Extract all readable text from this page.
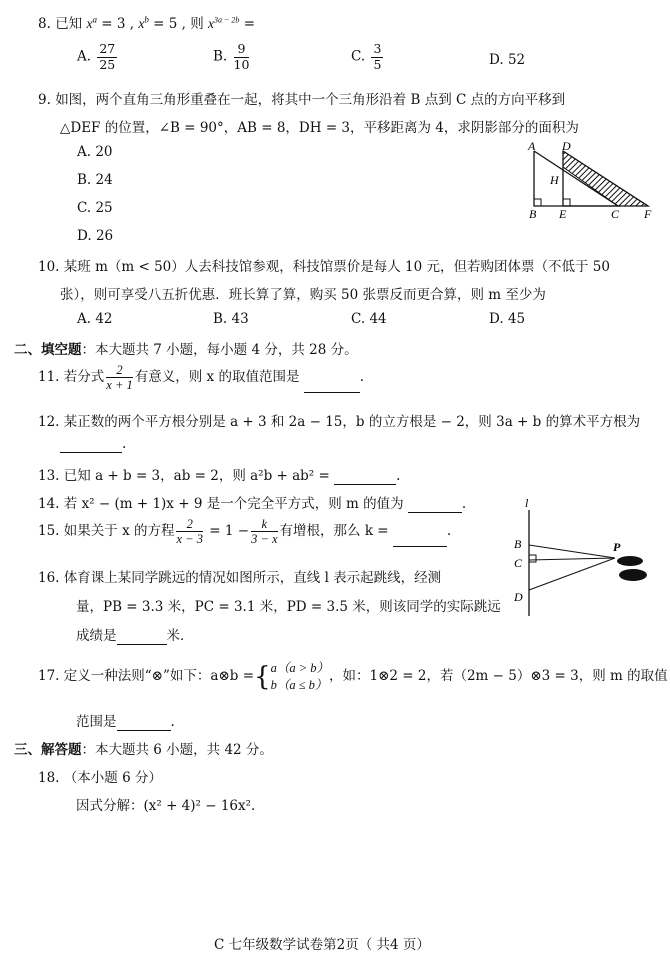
8. 已知 $x^a = 3$ , $x^b = 5$ , 则 $x^{3a - 2b}$ =
A. $\frac{27}{25}$	B. $\frac{9}{10}$	C. $\frac{3}{5}$	D. 52
9. 如图，两个直角三角形重叠在一起，将其中一个三角形沿着 B 点到 C 点的方向平移到
△DEF 的位置，∠B = 90°，AB = 8，DH = 3，平移距离为 4，求阴影部分的面积为
A. 20
B. 24
C. 25
D. 26
A D
H
B E	C F
10. 某班 m（m < 50）人去科技馆参观，科技馆票价是每人 10 元，但若购团体票（不低于 50
张），则可享受八五折优惠．班长算了算，购买 50 张票反而更合算，则 m 至少为
A. 42	B. 43	C. 44	D. 45
二、填空题：本大题共 7 小题，每小题 4 分，共 28 分。
11. 若分式 $\frac{2}{x + 1}$ 有意义，则 x 的取值范围是	.
12. 某正数的两个平方根分别是 a + 3 和 2a − 15，b 的立方根是 − 2，则 3a + b 的算术平方根为
.
13. 已知 a + b = 3，ab = 2，则 a²b + ab² =	.
14. 若 x² − (m + 1)x + 9 是一个完全平方式，则 m 的值为	.
15. 如果关于 x 的方程 $\frac{2}{x - 3} = 1 - \frac{k}{3 - x}$ 有增根，那么 k =	.
16. 体育课上某同学跳远的情况如图所示，直线 l 表示起跳线，经测
量，PB = 3.3 米，PC = 3.1 米，PD = 3.5 米，则该同学的实际跳远
成绩是	米．
l
B
C
D
P
17. 定义一种法则“⊗”如下：a⊗b ={ a（a > b）
b（a ≤ b）
，如：1⊗2 = 2，若（2m − 5）⊗3 = 3，则 m 的取值
范围是	.
三、解答题：本大题共 6 小题，共 42 分。
18. （本小题 6 分）
因式分解：(x² + 4)² − 16x².
C 七年级数学试卷第2页（ 共4 页）
